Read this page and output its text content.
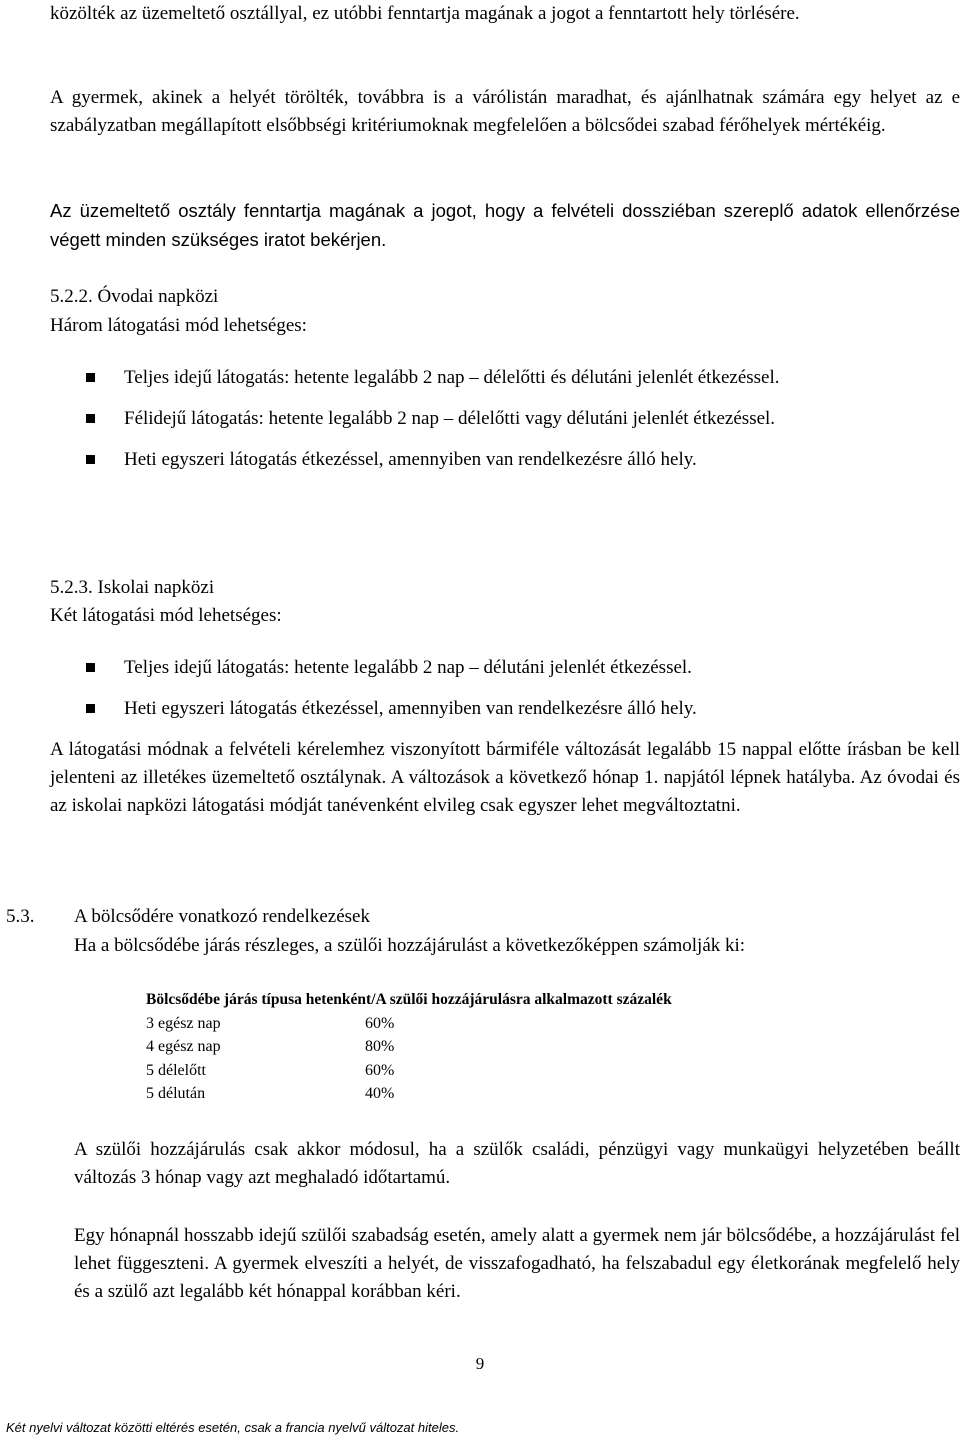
közölték az üzemeltető osztállyal, ez utóbbi fenntartja magának a jogot a fenntartott hely törlésére.
A gyermek, akinek a helyét törölték, továbbra is a várólistán maradhat, és ajánlhatnak számára egy helyet az e szabályzatban megállapított elsőbbségi kritériumoknak megfelelően a bölcsődei szabad férőhelyek mértékéig.
Az üzemeltető osztály fenntartja magának a jogot, hogy a felvételi dossziéban szereplő adatok ellenőrzése végett minden szükséges iratot bekérjen.
5.2.2. Óvodai napközi
Három látogatási mód lehetséges:
Teljes idejű látogatás: hetente legalább 2 nap – délelőtti és délutáni jelenlét étkezéssel.
Félidejű látogatás: hetente legalább 2 nap – délelőtti vagy délutáni jelenlét étkezéssel.
Heti egyszeri látogatás étkezéssel, amennyiben van rendelkezésre álló hely.
5.2.3. Iskolai napközi
Két látogatási mód lehetséges:
Teljes idejű látogatás: hetente legalább 2 nap – délutáni jelenlét étkezéssel.
Heti egyszeri látogatás étkezéssel, amennyiben van rendelkezésre álló hely.
A látogatási módnak a felvételi kérelemhez viszonyított bármiféle változását legalább 15 nappal előtte írásban be kell jelenteni az illetékes üzemeltető osztálynak. A változások a következő hónap 1. napjától lépnek hatályba. Az óvodai és az iskolai napközi látogatási módját tanévenként elvileg csak egyszer lehet megváltoztatni.
5.3. A bölcsődére vonatkozó rendelkezések
Ha a bölcsődébe járás részleges, a szülői hozzájárulást a következőképpen számolják ki:
Bölcsődébe járás típusa hetenként/A szülői hozzájárulásra alkalmazott százalék
3 egész nap	60%
4 egész nap	80%
5 délelőtt	60%
5 délután	40%
A szülői hozzájárulás csak akkor módosul, ha a szülők családi, pénzügyi vagy munkaügyi helyzetében beállt változás 3 hónap vagy azt meghaladó időtartamú.
Egy hónapnál hosszabb idejű szülői szabadság esetén, amely alatt a gyermek nem jár bölcsődébe, a hozzájárulást fel lehet függeszteni. A gyermek elveszíti a helyét, de visszafogadható, ha felszabadul egy életkorának megfelelő hely és a szülő azt legalább két hónappal korábban kéri.
9
Két nyelvi változat közötti eltérés esetén, csak a francia nyelvű változat hiteles.
